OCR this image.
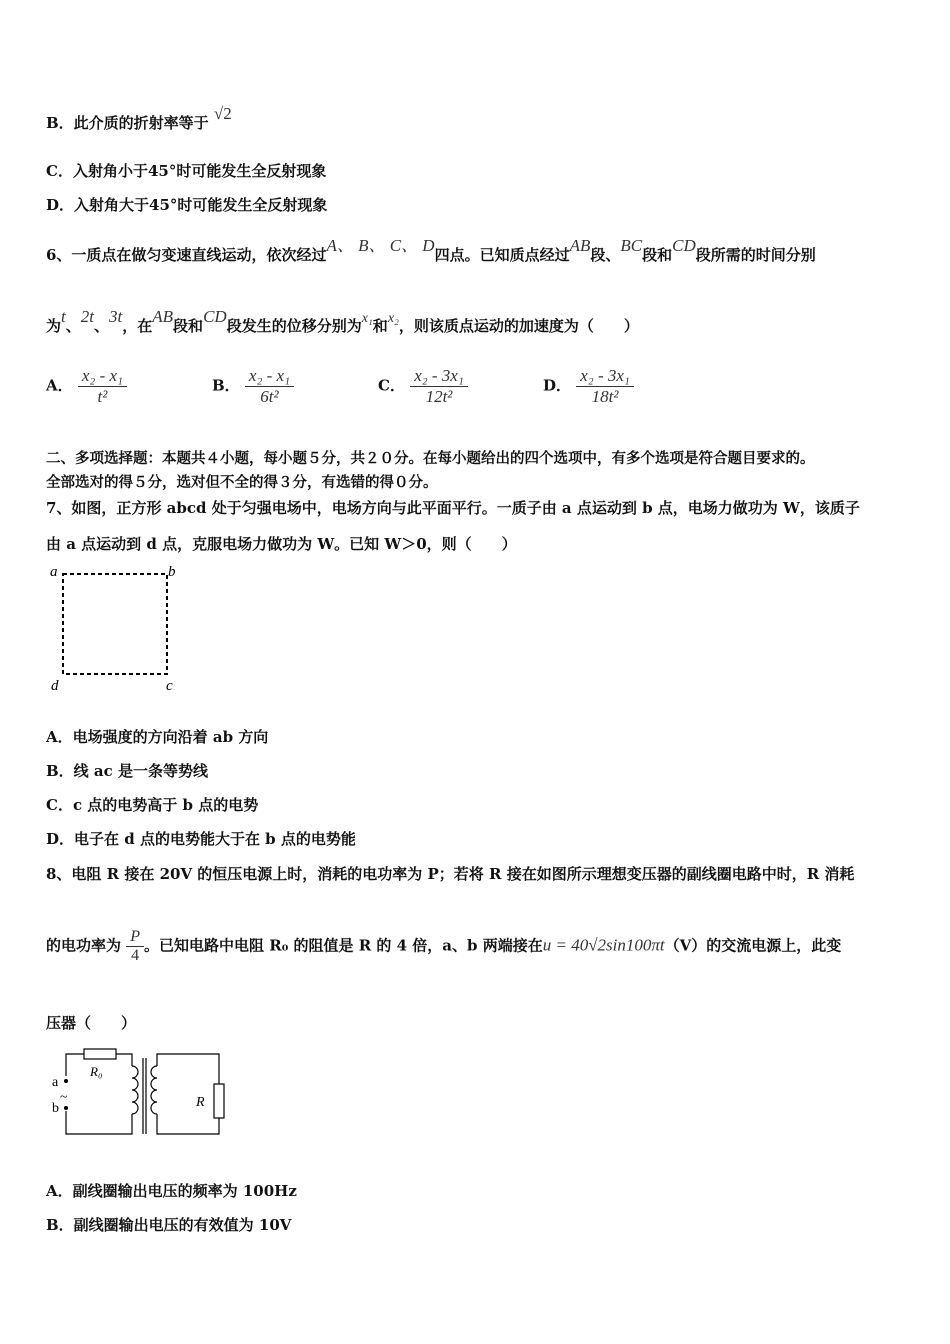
B．此介质的折射率等于 √2
C．入射角小于45°时可能发生全反射现象
D．入射角大于45°时可能发生全反射现象
6、一质点在做匀变速直线运动，依次经过A、 B、 C、 D四点。已知质点经过AB段、BC段和CD段所需的时间分别
为t、2t、3t，在AB段和CD段发生的位移分别为x₁和x₂，则该质点运动的加速度为（　　）
A． $\frac{\text{x₂ - x₁}}{\text{t²}}$	B． $\frac{\text{x₂ - x₁}}{\text{6t²}}$	C． $\frac{\text{x₂ - 3x₁}}{\text{12t²}}$	D． $\frac{\text{x₂ - 3x₁}}{\text{18t²}}$
二、多项选择题：本题共４小题，每小题５分，共２０分。在每小题给出的四个选项中，有多个选项是符合题目要求的。
全部选对的得５分，选对但不全的得３分，有选错的得０分。
7、如图，正方形 abcd 处于匀强电场中，电场方向与此平面平行。一质子由 a 点运动到 b 点，电场力做功为 W，该质子
由 a 点运动到 d 点，克服电场力做功为 W。已知 W＞0，则（　　）
a	b
c
d
A．电场强度的方向沿着 ab 方向
B．线 ac 是一条等势线
C．c 点的电势高于 b 点的电势
D．电子在 d 点的电势能大于在 b 点的电势能
8、电阻 R 接在 20V 的恒压电源上时，消耗的电功率为 P；若将 R 接在如图所示理想变压器的副线圈电路中时，R 消耗
的电功率为 $\frac{P}{4}$ 。已知电路中电阻 R₀ 的阻值是 R 的 4 倍，a、b 两端接在u = 40√2sin100πt（V）的交流电源上，此变
压器（　　）
R₀
R
a
b
~
A．副线圈输出电压的频率为 100Hz
B．副线圈输出电压的有效值为 10V
